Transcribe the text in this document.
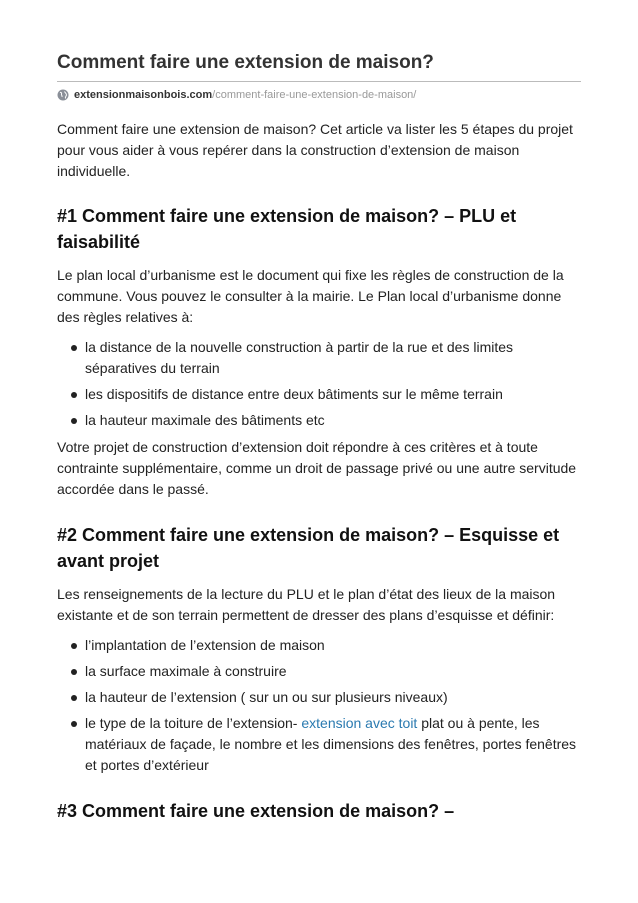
Comment faire une extension de maison?
extensionmaisonbois.com /comment-faire-une-extension-de-maison/

Comment faire une extension de maison? Cet article va lister les 5 étapes du projet pour vous aider à vous repérer dans la construction d’extension de maison individuelle.

#1 Comment faire une extension de maison? – PLU et faisabilité

Le plan local d’urbanisme est le document qui fixe les règles de construction de la commune. Vous pouvez le consulter à la mairie. Le Plan local d’urbanisme donne des règles relatives à:

la distance de la nouvelle construction à partir de la rue et des limites séparatives du terrain
les dispositifs de distance entre deux bâtiments sur le même terrain
la hauteur maximale des bâtiments etc

Votre projet de construction d’extension doit répondre à ces critères et à toute contrainte supplémentaire, comme un droit de passage privé ou une autre servitude accordée dans le passé.

#2 Comment faire une extension de maison? – Esquisse et avant projet

Les renseignements de la lecture du PLU et le plan d’état des lieux de la maison existante et de son terrain permettent de dresser des plans d’esquisse et définir:

l’implantation de l’extension de maison
la surface maximale à construire
la hauteur de l’extension ( sur un ou sur plusieurs niveaux)
le type de la toiture de l’extension- extension avec toit plat ou à pente, les matériaux de façade, le nombre et les dimensions des fenêtres, portes fenêtres et portes d’extérieur
#3 Comment faire une extension de maison? –
